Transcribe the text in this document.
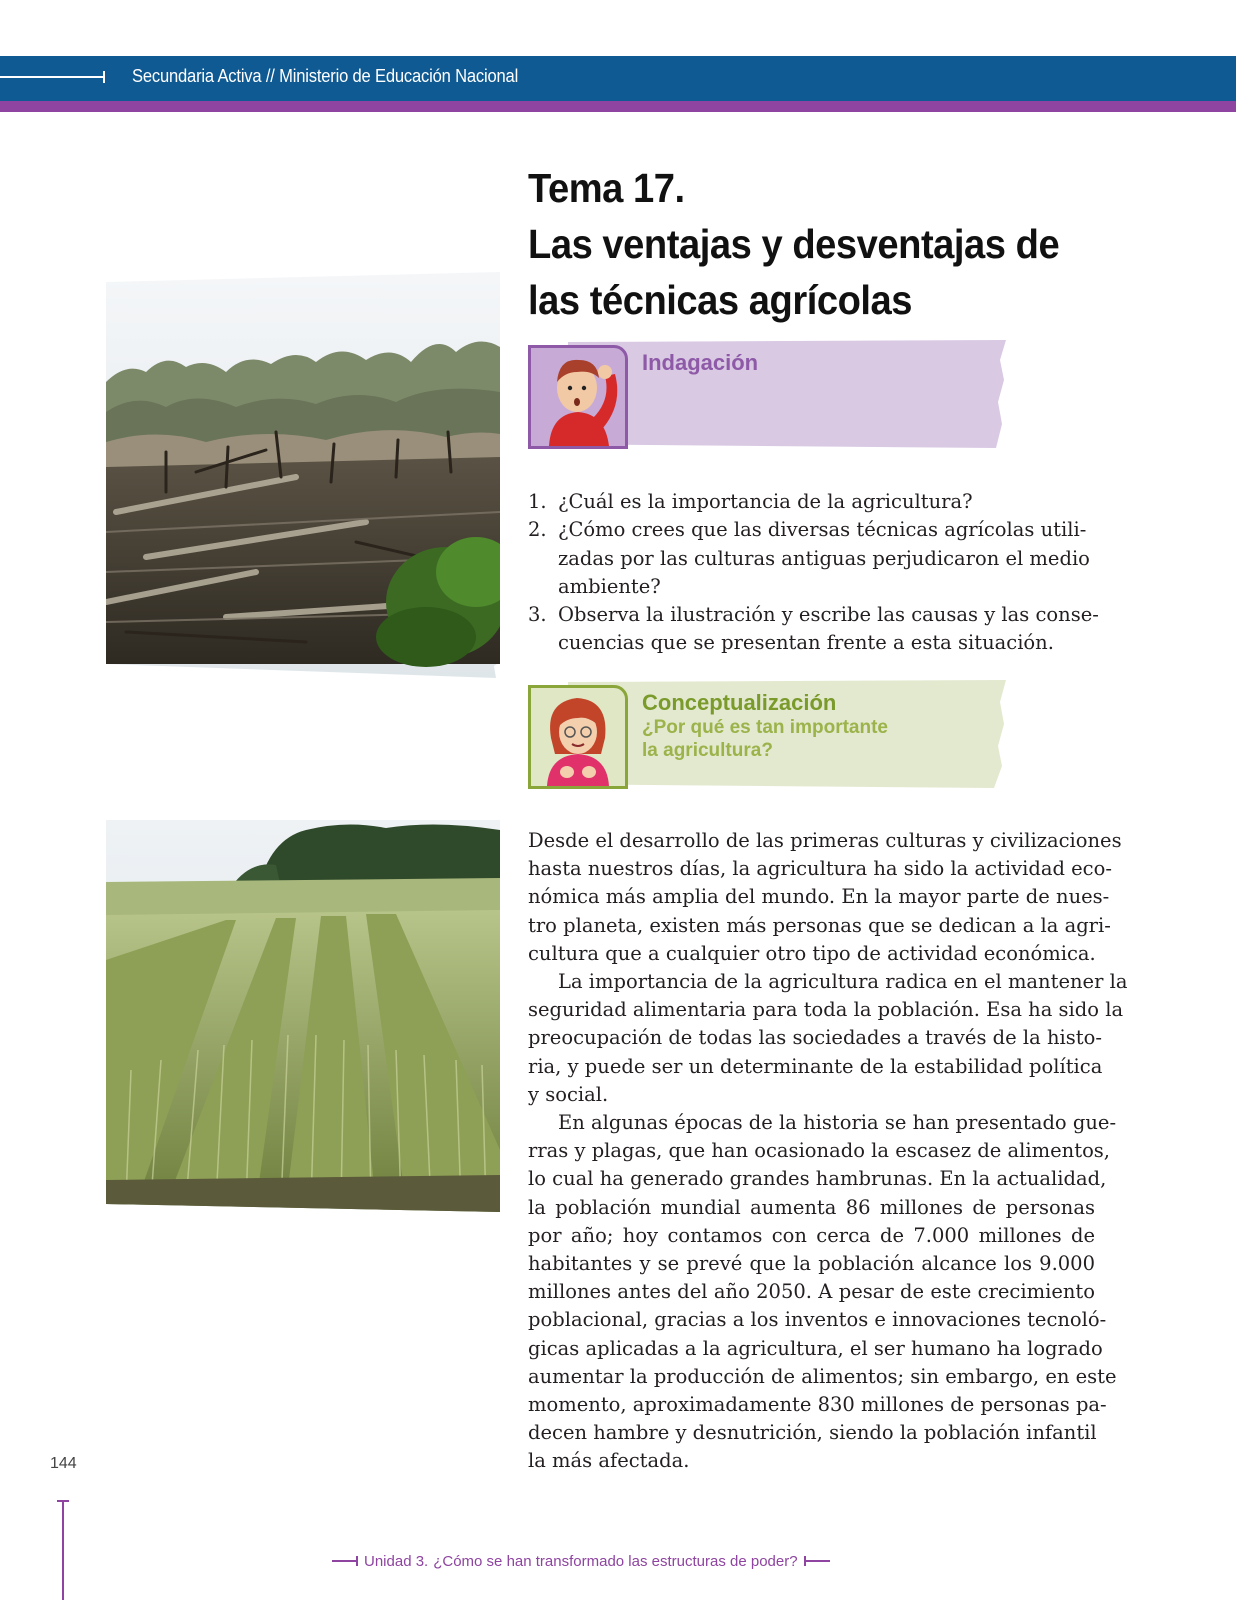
Secundaria Activa // Ministerio de Educación Nacional
Tema 17.
Las ventajas y desventajas de
las técnicas agrícolas
Indagación
1. ¿Cuál es la importancia de la agricultura?
2. ¿Cómo crees que las diversas técnicas agrícolas utili-
zadas por las culturas antiguas perjudicaron el medio
ambiente?
3. Observa la ilustración y escribe las causas y las conse-
cuencias que se presentan frente a esta situación.
Conceptualización
¿Por qué es tan importante
la agricultura?
Desde el desarrollo de las primeras culturas y civilizaciones
hasta nuestros días, la agricultura ha sido la actividad eco-
nómica más amplia del mundo. En la mayor parte de nues-
tro planeta, existen más personas que se dedican a la agri-
cultura que a cualquier otro tipo de actividad económica.
La importancia de la agricultura radica en el mantener la
seguridad alimentaria para toda la población. Esa ha sido la
preocupación de todas las sociedades a través de la histo-
ria, y puede ser un determinante de la estabilidad política
y social.
En algunas épocas de la historia se han presentado gue-
rras y plagas, que han ocasionado la escasez de alimentos,
lo cual ha generado grandes hambrunas. En la actualidad,
la población mundial aumenta 86 millones de personas
por año; hoy contamos con cerca de 7.000 millones de
habitantes y se prevé que la población alcance los 9.000
millones antes del año 2050. A pesar de este crecimiento
poblacional, gracias a los inventos e innovaciones tecnoló-
gicas aplicadas a la agricultura, el ser humano ha logrado
aumentar la producción de alimentos; sin embargo, en este
momento, aproximadamente 830 millones de personas pa-
decen hambre y desnutrición, siendo la población infantil
la más afectada.
144
Unidad 3. ¿Cómo se han transformado las estructuras de poder?
